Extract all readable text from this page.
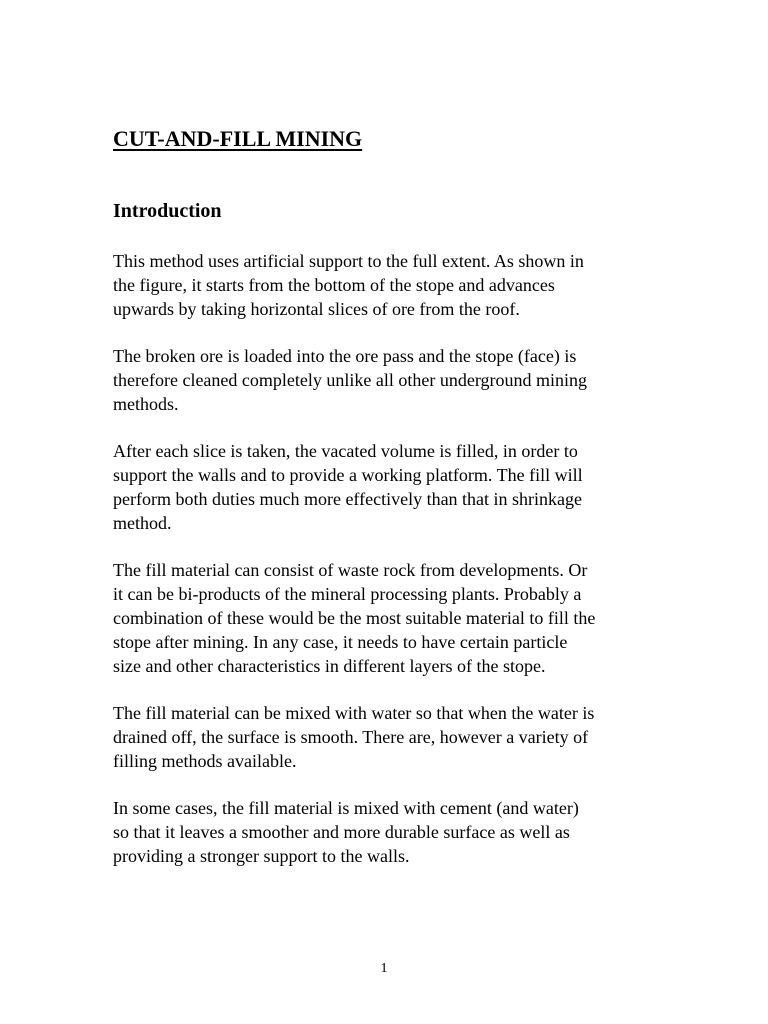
CUT-AND-FILL MINING
Introduction

This method uses artificial support to the full extent. As shown in
the figure, it starts from the bottom of the stope and advances
upwards by taking horizontal slices of ore from the roof.

The broken ore is loaded into the ore pass and the stope (face) is
therefore cleaned completely unlike all other underground mining
methods.

After each slice is taken, the vacated volume is filled, in order to
support the walls and to provide a working platform. The fill will
perform both duties much more effectively than that in shrinkage
method.

The fill material can consist of waste rock from developments. Or
it can be bi-products of the mineral processing plants. Probably a
combination of these would be the most suitable material to fill the
stope after mining. In any case, it needs to have certain particle
size and other characteristics in different layers of the stope.

The fill material can be mixed with water so that when the water is
drained off, the surface is smooth. There are, however a variety of
filling methods available.

In some cases, the fill material is mixed with cement (and water)
so that it leaves a smoother and more durable surface as well as
providing a stronger support to the walls.

1
